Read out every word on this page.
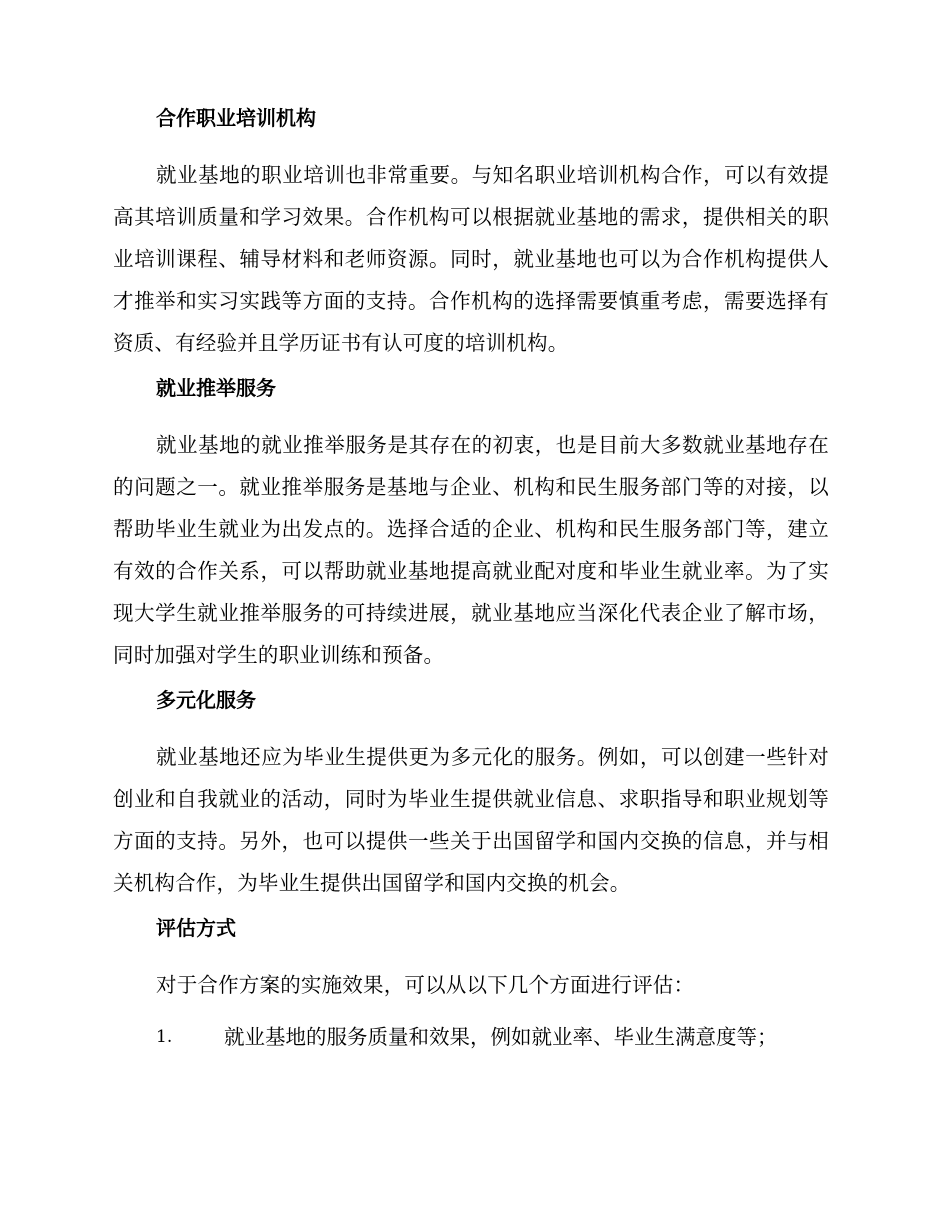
合作职业培训机构

就业基地的职业培训也非常重要。与知名职业培训机构合作，可以有效提高其培训质量和学习效果。合作机构可以根据就业基地的需求，提供相关的职业培训课程、辅导材料和老师资源。同时，就业基地也可以为合作机构提供人才推举和实习实践等方面的支持。合作机构的选择需要慎重考虑，需要选择有资质、有经验并且学历证书有认可度的培训机构。

就业推举服务

就业基地的就业推举服务是其存在的初衷，也是目前大多数就业基地存在的问题之一。就业推举服务是基地与企业、机构和民生服务部门等的对接，以帮助毕业生就业为出发点的。选择合适的企业、机构和民生服务部门等，建立有效的合作关系，可以帮助就业基地提高就业配对度和毕业生就业率。为了实现大学生就业推举服务的可持续进展，就业基地应当深化代表企业了解市场，同时加强对学生的职业训练和预备。

多元化服务

就业基地还应为毕业生提供更为多元化的服务。例如，可以创建一些针对创业和自我就业的活动，同时为毕业生提供就业信息、求职指导和职业规划等方面的支持。另外，也可以提供一些关于出国留学和国内交换的信息，并与相关机构合作，为毕业生提供出国留学和国内交换的机会。

评估方式

对于合作方案的实施效果，可以从以下几个方面进行评估：

1.	就业基地的服务质量和效果，例如就业率、毕业生满意度等；
